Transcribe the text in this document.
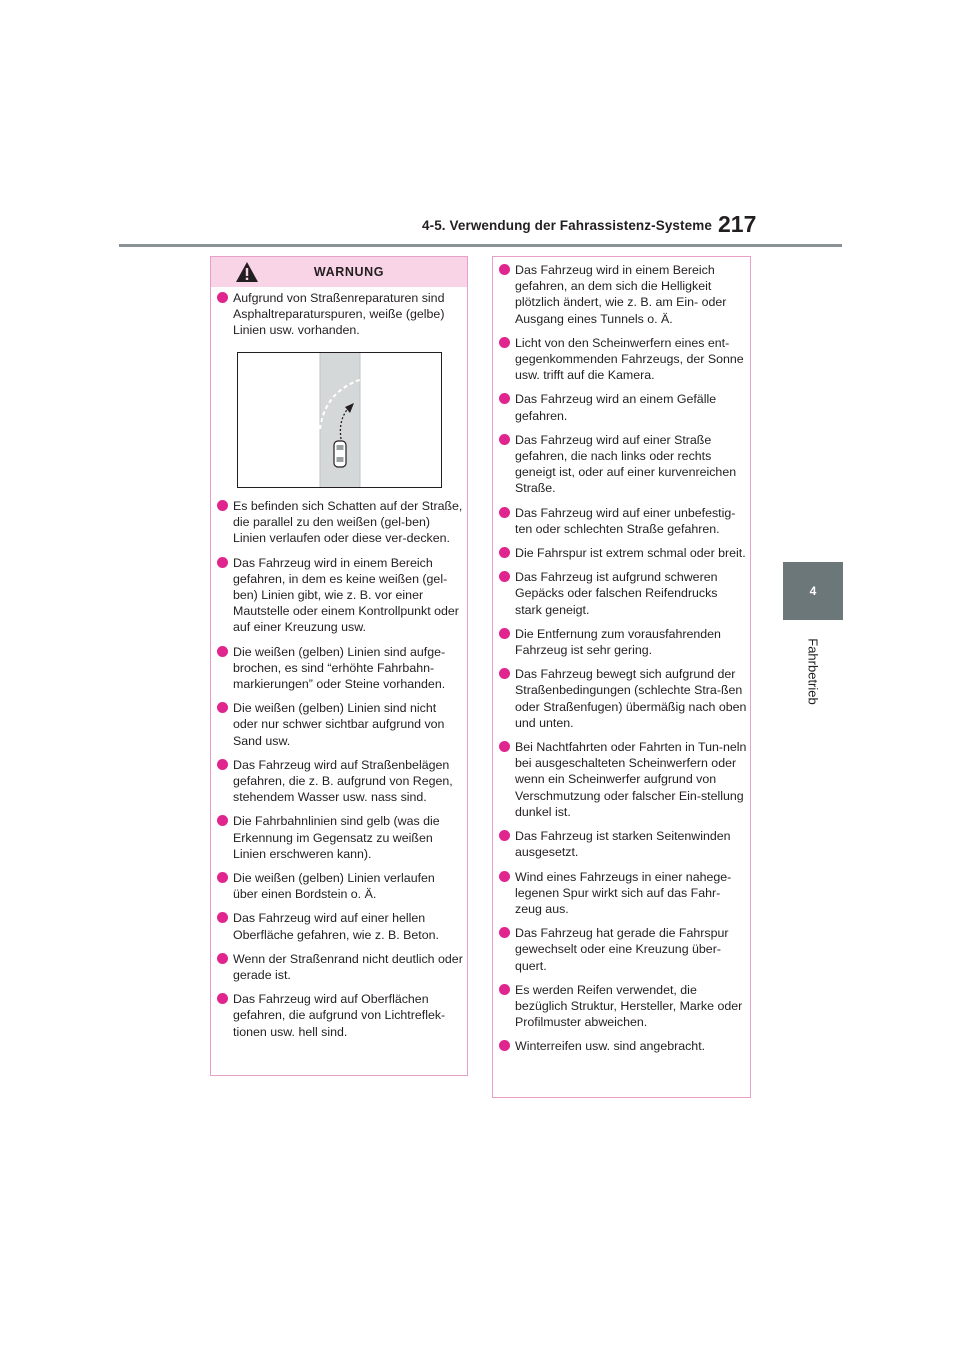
4-5. Verwendung der Fahrassistenz-Systeme 217
4
Fahrbetrieb
WARNUNG
Aufgrund von Straßenreparaturen sind Asphaltreparaturspuren, weiße (gelbe) Linien usw. vorhanden.
Es befinden sich Schatten auf der Straße, die parallel zu den weißen (gel-ben) Linien verlaufen oder diese ver-decken.
Das Fahrzeug wird in einem Bereich gefahren, in dem es keine weißen (gel-ben) Linien gibt, wie z. B. vor einer Mautstelle oder einem Kontrollpunkt oder auf einer Kreuzung usw.
Die weißen (gelben) Linien sind aufge-brochen, es sind “erhöhte Fahrbahn-markierungen” oder Steine vorhanden.
Die weißen (gelben) Linien sind nicht oder nur schwer sichtbar aufgrund von Sand usw.
Das Fahrzeug wird auf Straßenbelägen gefahren, die z. B. aufgrund von Regen, stehendem Wasser usw. nass sind.
Die Fahrbahnlinien sind gelb (was die Erkennung im Gegensatz zu weißen Linien erschweren kann).
Die weißen (gelben) Linien verlaufen über einen Bordstein o. Ä.
Das Fahrzeug wird auf einer hellen Oberfläche gefahren, wie z. B. Beton.
Wenn der Straßenrand nicht deutlich oder gerade ist.
Das Fahrzeug wird auf Oberflächen gefahren, die aufgrund von Lichtreflek-tionen usw. hell sind.
Das Fahrzeug wird in einem Bereich gefahren, an dem sich die Helligkeit plötzlich ändert, wie z. B. am Ein- oder Ausgang eines Tunnels o. Ä.
Licht von den Scheinwerfern eines ent-gegenkommenden Fahrzeugs, der Sonne usw. trifft auf die Kamera.
Das Fahrzeug wird an einem Gefälle gefahren.
Das Fahrzeug wird auf einer Straße gefahren, die nach links oder rechts geneigt ist, oder auf einer kurvenreichen Straße.
Das Fahrzeug wird auf einer unbefestig-ten oder schlechten Straße gefahren.
Die Fahrspur ist extrem schmal oder breit.
Das Fahrzeug ist aufgrund schweren Gepäcks oder falschen Reifendrucks stark geneigt.
Die Entfernung zum vorausfahrenden Fahrzeug ist sehr gering.
Das Fahrzeug bewegt sich aufgrund der Straßenbedingungen (schlechte Stra-ßen oder Straßenfugen) übermäßig nach oben und unten.
Bei Nachtfahrten oder Fahrten in Tun-neln bei ausgeschalteten Scheinwerfern oder wenn ein Scheinwerfer aufgrund von Verschmutzung oder falscher Ein-stellung dunkel ist.
Das Fahrzeug ist starken Seitenwinden ausgesetzt.
Wind eines Fahrzeugs in einer nahege-legenen Spur wirkt sich auf das Fahr-zeug aus.
Das Fahrzeug hat gerade die Fahrspur gewechselt oder eine Kreuzung über-quert.
Es werden Reifen verwendet, die bezüglich Struktur, Hersteller, Marke oder Profilmuster abweichen.
Winterreifen usw. sind angebracht.
